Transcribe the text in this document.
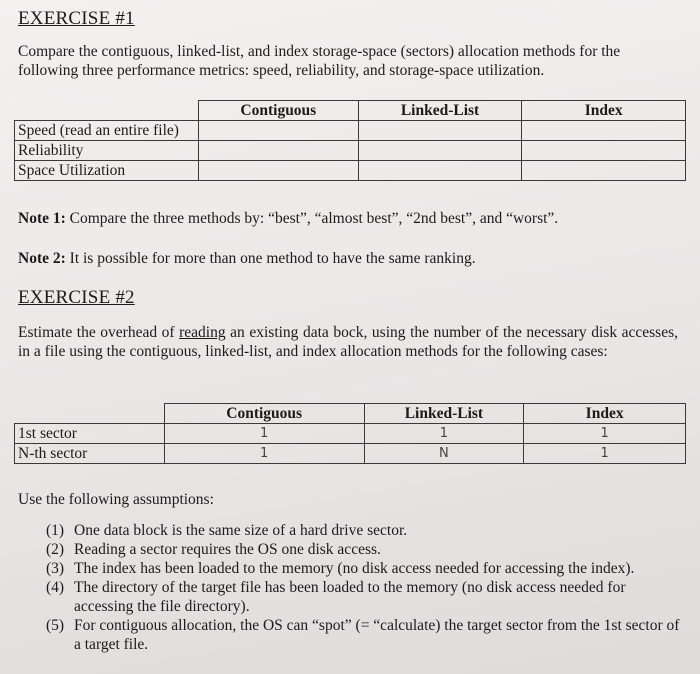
EXERCISE #1
Compare the contiguous, linked-list, and index storage-space (sectors) allocation methods for the following three performance metrics: speed, reliability, and storage-space utilization.
	Contiguous	Linked-List	Index
Speed (read an entire file)			
Reliability			
Space Utilization			
Note 1: Compare the three methods by: “best”, “almost best”, “2nd best”, and “worst”.
Note 2: It is possible for more than one method to have the same ranking.
EXERCISE #2
Estimate the overhead of reading an existing data bock, using the number of the necessary disk accesses, in a file using the contiguous, linked-list, and index allocation methods for the following cases:
	Contiguous	Linked-List	Index
1st sector	1	1	1
N-th sector	1	N	1
Use the following assumptions:
(1) One data block is the same size of a hard drive sector.
(2) Reading a sector requires the OS one disk access.
(3) The index has been loaded to the memory (no disk access needed for accessing the index).
(4) The directory of the target file has been loaded to the memory (no disk access needed for accessing the file directory).
(5) For contiguous allocation, the OS can “spot” (= “calculate) the target sector from the 1st sector of a target file.
